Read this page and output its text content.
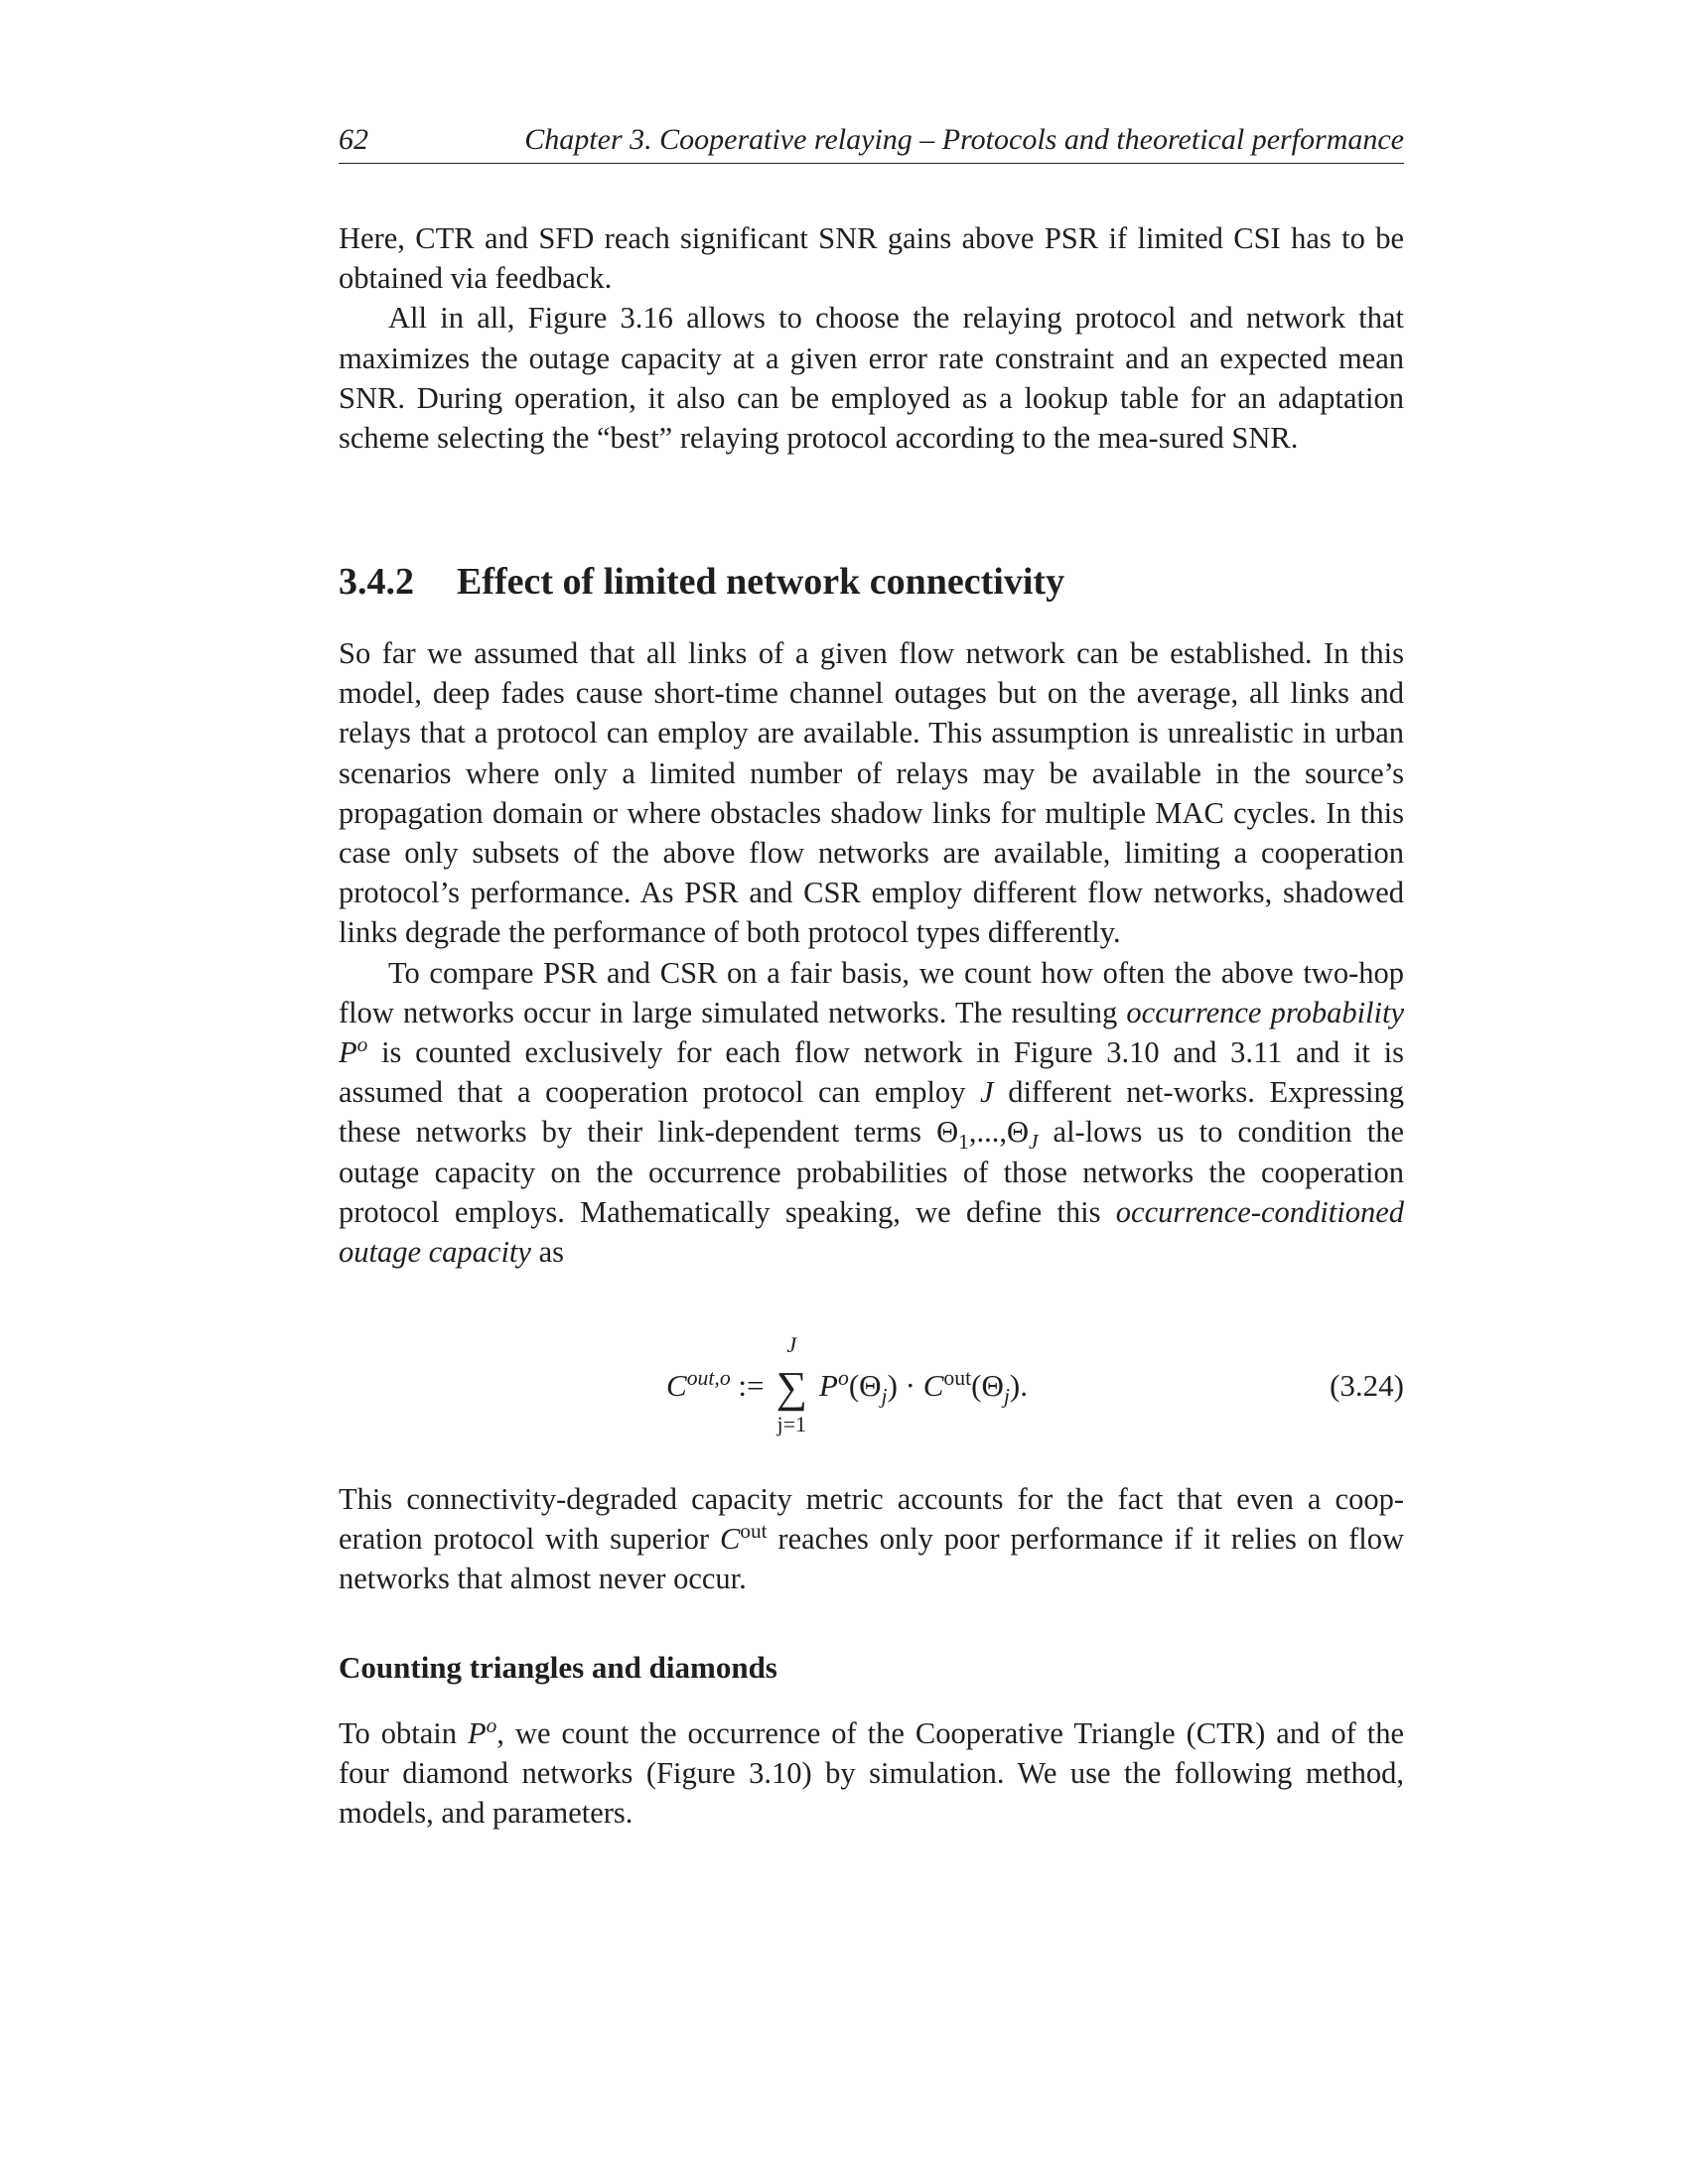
62	Chapter 3. Cooperative relaying – Protocols and theoretical performance

Here, CTR and SFD reach significant SNR gains above PSR if limited CSI has to be obtained via feedback.

All in all, Figure 3.16 allows to choose the relaying protocol and network that maximizes the outage capacity at a given error rate constraint and an expected mean SNR. During operation, it also can be employed as a lookup table for an adaptation scheme selecting the “best” relaying protocol according to the mea-sured SNR.

3.4.2 Effect of limited network connectivity

So far we assumed that all links of a given flow network can be established. In this model, deep fades cause short-time channel outages but on the average, all links and relays that a protocol can employ are available. This assumption is unrealistic in urban scenarios where only a limited number of relays may be available in the source’s propagation domain or where obstacles shadow links for multiple MAC cycles. In this case only subsets of the above flow networks are available, limiting a cooperation protocol’s performance. As PSR and CSR employ different flow networks, shadowed links degrade the performance of both protocol types differently.

To compare PSR and CSR on a fair basis, we count how often the above two-hop flow networks occur in large simulated networks. The resulting occurrence probability $P^o$ is counted exclusively for each flow network in Figure 3.10 and 3.11 and it is assumed that a cooperation protocol can employ J different net-works. Expressing these networks by their link-dependent terms $\Theta_1,...,\Theta_J$ al-lows us to condition the outage capacity on the occurrence probabilities of those networks the cooperation protocol employs. Mathematically speaking, we define this occurrence-conditioned outage capacity as

$C^{out,o}$ :=
J
∑
j=1
$P^o(\Theta_j) \cdot C^{out}(\Theta_j)$.	(3.24)

This connectivity-degraded capacity metric accounts for the fact that even a coop-eration protocol with superior $C^{out}$ reaches only poor performance if it relies on flow networks that almost never occur.

Counting triangles and diamonds

To obtain $P^o$, we count the occurrence of the Cooperative Triangle (CTR) and of the four diamond networks (Figure 3.10) by simulation. We use the following method, models, and parameters.
